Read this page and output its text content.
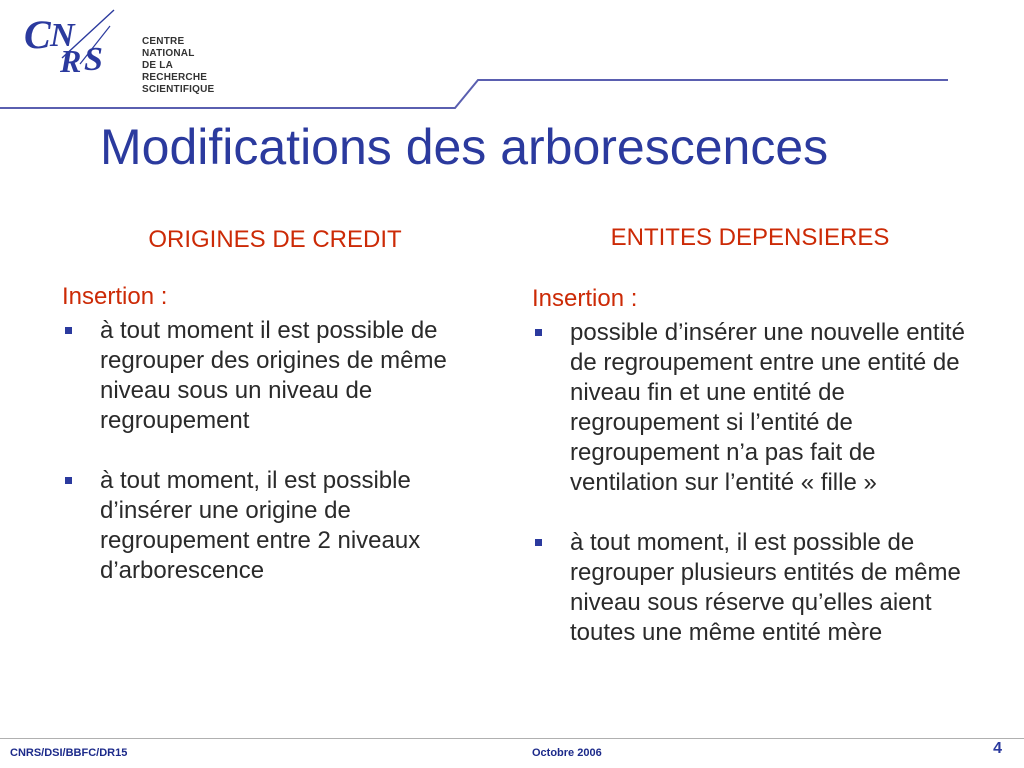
C N
R S	CENTRE NATIONAL
DE LA RECHERCHE
SCIENTIFIQUE
Modifications des arborescences
ORIGINES DE CREDIT	ENTITES DEPENSIERES
Insertion :
à tout moment il est possible de regrouper des origines de même niveau sous un niveau de regroupement
à tout moment, il est possible d’insérer une origine de regroupement entre 2 niveaux d’arborescence
Insertion :
possible d’insérer une nouvelle entité de regroupement entre une entité de niveau fin et une entité de regroupement si l’entité de regroupement n’a pas fait de ventilation sur l’entité « fille »
à tout moment, il est possible de regrouper plusieurs entités de même niveau sous réserve qu’elles aient toutes une même entité mère
CNRS/DSI/BBFC/DR15	Octobre 2006	4
